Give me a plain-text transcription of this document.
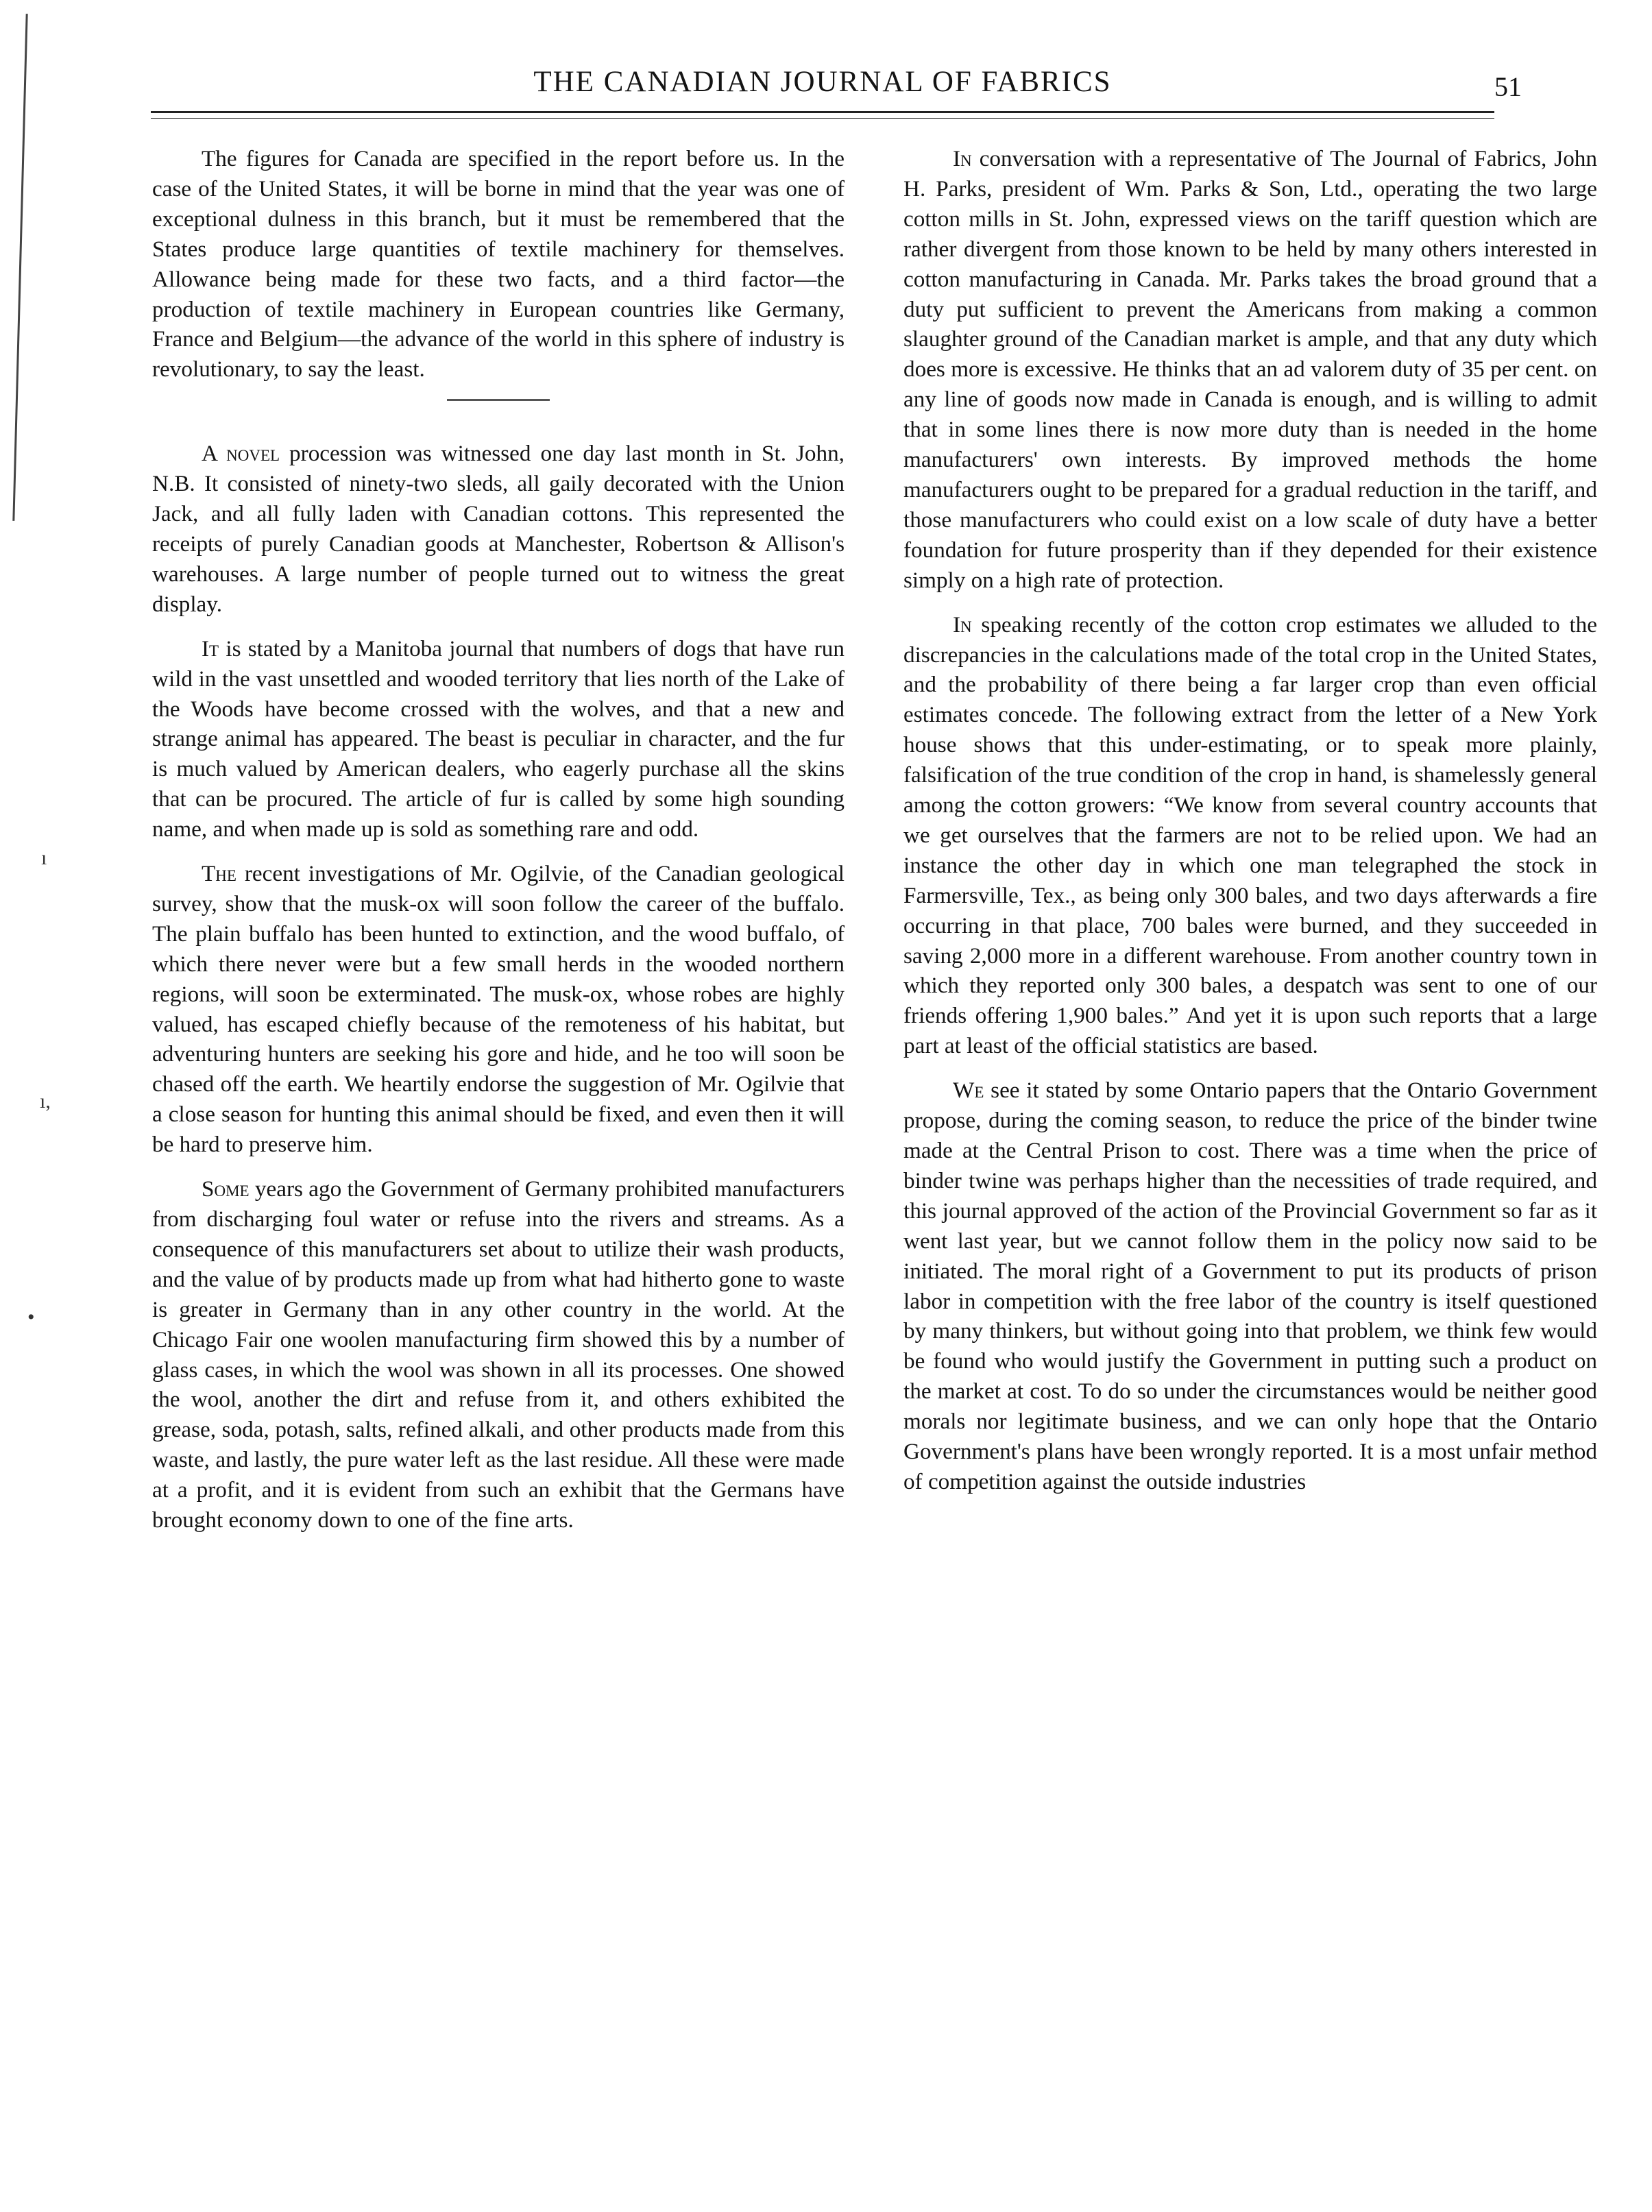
ı
ı,
•
THE CANADIAN JOURNAL OF FABRICS	51

The figures for Canada are specified in the report before us. In the case of the United States, it will be borne in mind that the year was one of exceptional dulness in this branch, but it must be remembered that the States produce large quantities of textile machinery for themselves. Allowance being made for these two facts, and a third factor—the production of textile machinery in European countries like Germany, France and Belgium—the advance of the world in this sphere of industry is revolutionary, to say the least.

A novel procession was witnessed one day last month in St. John, N.B. It consisted of ninety-two sleds, all gaily decorated with the Union Jack, and all fully laden with Canadian cottons. This represented the receipts of purely Canadian goods at Manchester, Robertson & Allison's warehouses. A large number of people turned out to witness the great display.

It is stated by a Manitoba journal that numbers of dogs that have run wild in the vast unsettled and wooded territory that lies north of the Lake of the Woods have become crossed with the wolves, and that a new and strange animal has appeared. The beast is peculiar in character, and the fur is much valued by American dealers, who eagerly purchase all the skins that can be procured. The article of fur is called by some high sounding name, and when made up is sold as something rare and odd.

The recent investigations of Mr. Ogilvie, of the Canadian geological survey, show that the musk-ox will soon follow the career of the buffalo. The plain buffalo has been hunted to extinction, and the wood buffalo, of which there never were but a few small herds in the wooded northern regions, will soon be exterminated. The musk-ox, whose robes are highly valued, has escaped chiefly because of the remoteness of his habitat, but adventuring hunters are seeking his gore and hide, and he too will soon be chased off the earth. We heartily endorse the suggestion of Mr. Ogilvie that a close season for hunting this animal should be fixed, and even then it will be hard to preserve him.

Some years ago the Government of Germany prohibited manufacturers from discharging foul water or refuse into the rivers and streams. As a consequence of this manufacturers set about to utilize their wash products, and the value of by products made up from what had hitherto gone to waste is greater in Germany than in any other country in the world. At the Chicago Fair one woolen manufacturing firm showed this by a number of glass cases, in which the wool was shown in all its processes. One showed the wool, another the dirt and refuse from it, and others exhibited the grease, soda, potash, salts, refined alkali, and other products made from this waste, and lastly, the pure water left as the last residue. All these were made at a profit, and it is evident from such an exhibit that the Germans have brought economy down to one of the fine arts.

In conversation with a representative of The Journal of Fabrics, John H. Parks, president of Wm. Parks & Son, Ltd., operating the two large cotton mills in St. John, expressed views on the tariff question which are rather divergent from those known to be held by many others interested in cotton manufacturing in Canada. Mr. Parks takes the broad ground that a duty put sufficient to prevent the Americans from making a common slaughter ground of the Canadian market is ample, and that any duty which does more is excessive. He thinks that an ad valorem duty of 35 per cent. on any line of goods now made in Canada is enough, and is willing to admit that in some lines there is now more duty than is needed in the home manufacturers' own interests. By improved methods the home manufacturers ought to be prepared for a gradual reduction in the tariff, and those manufacturers who could exist on a low scale of duty have a better foundation for future prosperity than if they depended for their existence simply on a high rate of protection.

In speaking recently of the cotton crop estimates we alluded to the discrepancies in the calculations made of the total crop in the United States, and the probability of there being a far larger crop than even official estimates concede. The following extract from the letter of a New York house shows that this under-estimating, or to speak more plainly, falsification of the true condition of the crop in hand, is shamelessly general among the cotton growers: “We know from several country accounts that we get ourselves that the farmers are not to be relied upon. We had an instance the other day in which one man telegraphed the stock in Farmersville, Tex., as being only 300 bales, and two days afterwards a fire occurring in that place, 700 bales were burned, and they succeeded in saving 2,000 more in a different warehouse. From another country town in which they reported only 300 bales, a despatch was sent to one of our friends offering 1,900 bales.” And yet it is upon such reports that a large part at least of the official statistics are based.

We see it stated by some Ontario papers that the Ontario Government propose, during the coming season, to reduce the price of the binder twine made at the Central Prison to cost. There was a time when the price of binder twine was perhaps higher than the necessities of trade required, and this journal approved of the action of the Provincial Government so far as it went last year, but we cannot follow them in the policy now said to be initiated. The moral right of a Government to put its products of prison labor in competition with the free labor of the country is itself questioned by many thinkers, but without going into that problem, we think few would be found who would justify the Government in putting such a product on the market at cost. To do so under the circumstances would be neither good morals nor legitimate business, and we can only hope that the Ontario Government's plans have been wrongly reported. It is a most unfair method of competition against the outside industries
